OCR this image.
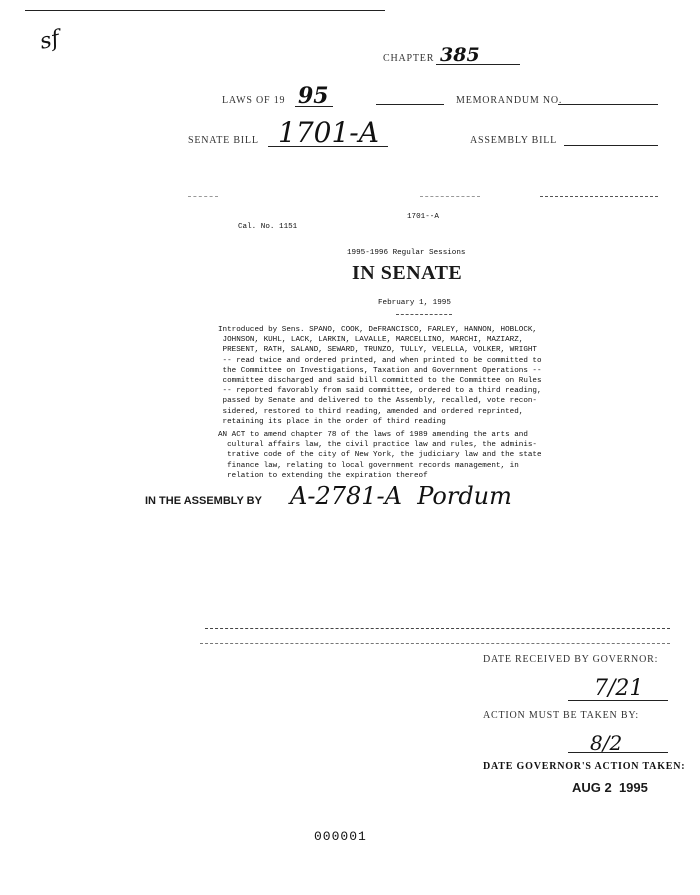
sf
CHAPTER 385
LAWS OF 19 95	MEMORANDUM NO.
SENATE BILL 1701-A	ASSEMBLY BILL
1701--A
Cal. No. 1151
1995-1996 Regular Sessions
IN SENATE
February 1, 1995
Introduced by Sens. SPANO, COOK, DeFRANCISCO, FARLEY, HANNON, HOBLOCK,
JOHNSON, KUHL, LACK, LARKIN, LAVALLE, MARCELLINO, MARCHI, MAZIARZ,
PRESENT, RATH, SALAND, SEWARD, TRUNZO, TULLY, VELELLA, VOLKER, WRIGHT
-- read twice and ordered printed, and when printed to be committed to
the Committee on Investigations, Taxation and Government Operations --
committee discharged and said bill committed to the Committee on Rules
-- reported favorably from said committee, ordered to a third reading,
passed by Senate and delivered to the Assembly, recalled, vote recon-
sidered, restored to third reading, amended and ordered reprinted,
retaining its place in the order of third reading
AN ACT to amend chapter 78 of the laws of 1989 amending the arts and
cultural affairs law, the civil practice law and rules, the adminis-
trative code of the city of New York, the judiciary law and the state
finance law, relating to local government records management, in
relation to extending the expiration thereof
IN THE ASSEMBLY BY A-2781-A  Pordum
DATE RECEIVED BY GOVERNOR:
7/21
ACTION MUST BE TAKEN BY:
8/2
DATE GOVERNOR'S ACTION TAKEN:
AUG 2  1995
000001
